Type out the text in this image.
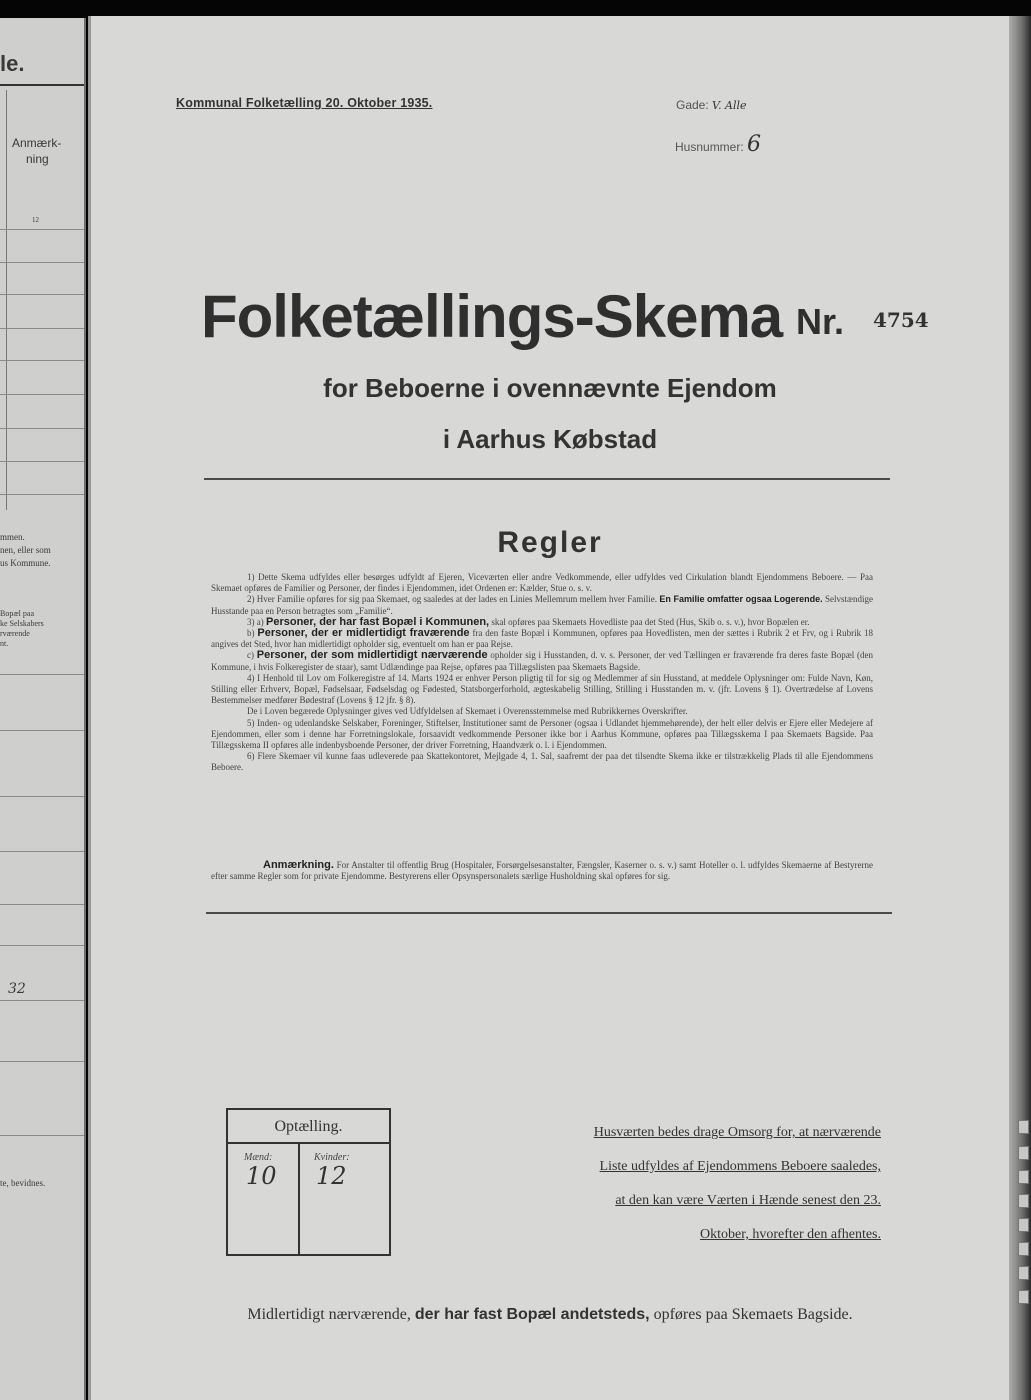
le.
Anmærk-
ning
12
mmen.
nen, eller som
us Kommune.
Bopæl paa
ke Selskabers
rværende
nt.
32
te, bevidnes.
Kommunal Folketælling 20. Oktober 1935.	Gade: V. Alle
Husnummer: 6
Folketællings-Skema Nr. 4754
for Beboerne i ovennævnte Ejendom
i Aarhus Købstad
Regler

1) Dette Skema udfyldes eller besørges udfyldt af Ejeren, Viceværten eller andre Vedkommende, eller udfyldes ved Cirkulation blandt Ejendommens Beboere. — Paa Skemaet opføres de Familier og Personer, der findes i Ejendommen, idet Ordenen er: Kælder, Stue o. s. v.

2) Hver Familie opføres for sig paa Skemaet, og saaledes at der lades en Linies Mellemrum mellem hver Familie. En Familie omfatter ogsaa Logerende. Selvstændige Husstande paa en Person betragtes som „Familie“.

3) a) Personer, der har fast Bopæl i Kommunen, skal opføres paa Skemaets Hovedliste paa det Sted (Hus, Skib o. s. v.), hvor Bopælen er.

b) Personer, der er midlertidigt fraværende fra den faste Bopæl i Kommunen, opføres paa Hovedlisten, men der sættes i Rubrik 2 et Frv, og i Rubrik 18 angives det Sted, hvor han midlertidigt opholder sig, eventuelt om han er paa Rejse.

c) Personer, der som midlertidigt nærværende opholder sig i Husstanden, d. v. s. Personer, der ved Tællingen er fraværende fra deres faste Bopæl (den Kommune, i hvis Folkeregister de staar), samt Udlændinge paa Rejse, opføres paa Tillægslisten paa Skemaets Bagside.

4) I Henhold til Lov om Folkeregistre af 14. Marts 1924 er enhver Person pligtig til for sig og Medlemmer af sin Husstand, at meddele Oplysninger om: Fulde Navn, Køn, Stilling eller Erhverv, Bopæl, Fødselsaar, Fødselsdag og Fødested, Statsborgerforhold, ægteskabelig Stilling, Stilling i Husstanden m. v. (jfr. Lovens § 1). Overtrædelse af Lovens Bestemmelser medfører Bødestraf (Lovens § 12 jfr. § 8).

De i Loven begærede Oplysninger gives ved Udfyldelsen af Skemaet i Overensstemmelse med Rubrikkernes Overskrifter.

5) Inden- og udenlandske Selskaber, Foreninger, Stiftelser, Institutioner samt de Personer (ogsaa i Udlandet hjemmehørende), der helt eller delvis er Ejere eller Medejere af Ejendommen, eller som i denne har Forretningslokale, forsaavidt vedkommende Personer ikke bor i Aarhus Kommune, opføres paa Tillægsskema I paa Skemaets Bagside. Paa Tillægsskema II opføres alle indenbysboende Personer, der driver Forretning, Haandværk o. l. i Ejendommen.

6) Flere Skemaer vil kunne faas udleverede paa Skattekontoret, Mejlgade 4, 1. Sal, saafremt der paa det tilsendte Skema ikke er tilstrækkelig Plads til alle Ejendommens Beboere.

Anmærkning. For Anstalter til offentlig Brug (Hospitaler, Forsørgelsesanstalter, Fængsler, Kaserner o. s. v.) samt Hoteller o. l. udfyldes Skemaerne af Bestyrerne efter samme Regler som for private Ejendomme. Bestyrerens eller Opsynspersonalets særlige Husholdning skal opføres for sig.
Optælling.
Mænd:
10
Kvinder:
12
Husværten bedes drage Omsorg for, at nærværende
Liste udfyldes af Ejendommens Beboere saaledes,
at den kan være Værten i Hænde senest den 23.
Oktober, hvorefter den afhentes.
Midlertidigt nærværende, der har fast Bopæl andetsteds, opføres paa Skemaets Bagside.
